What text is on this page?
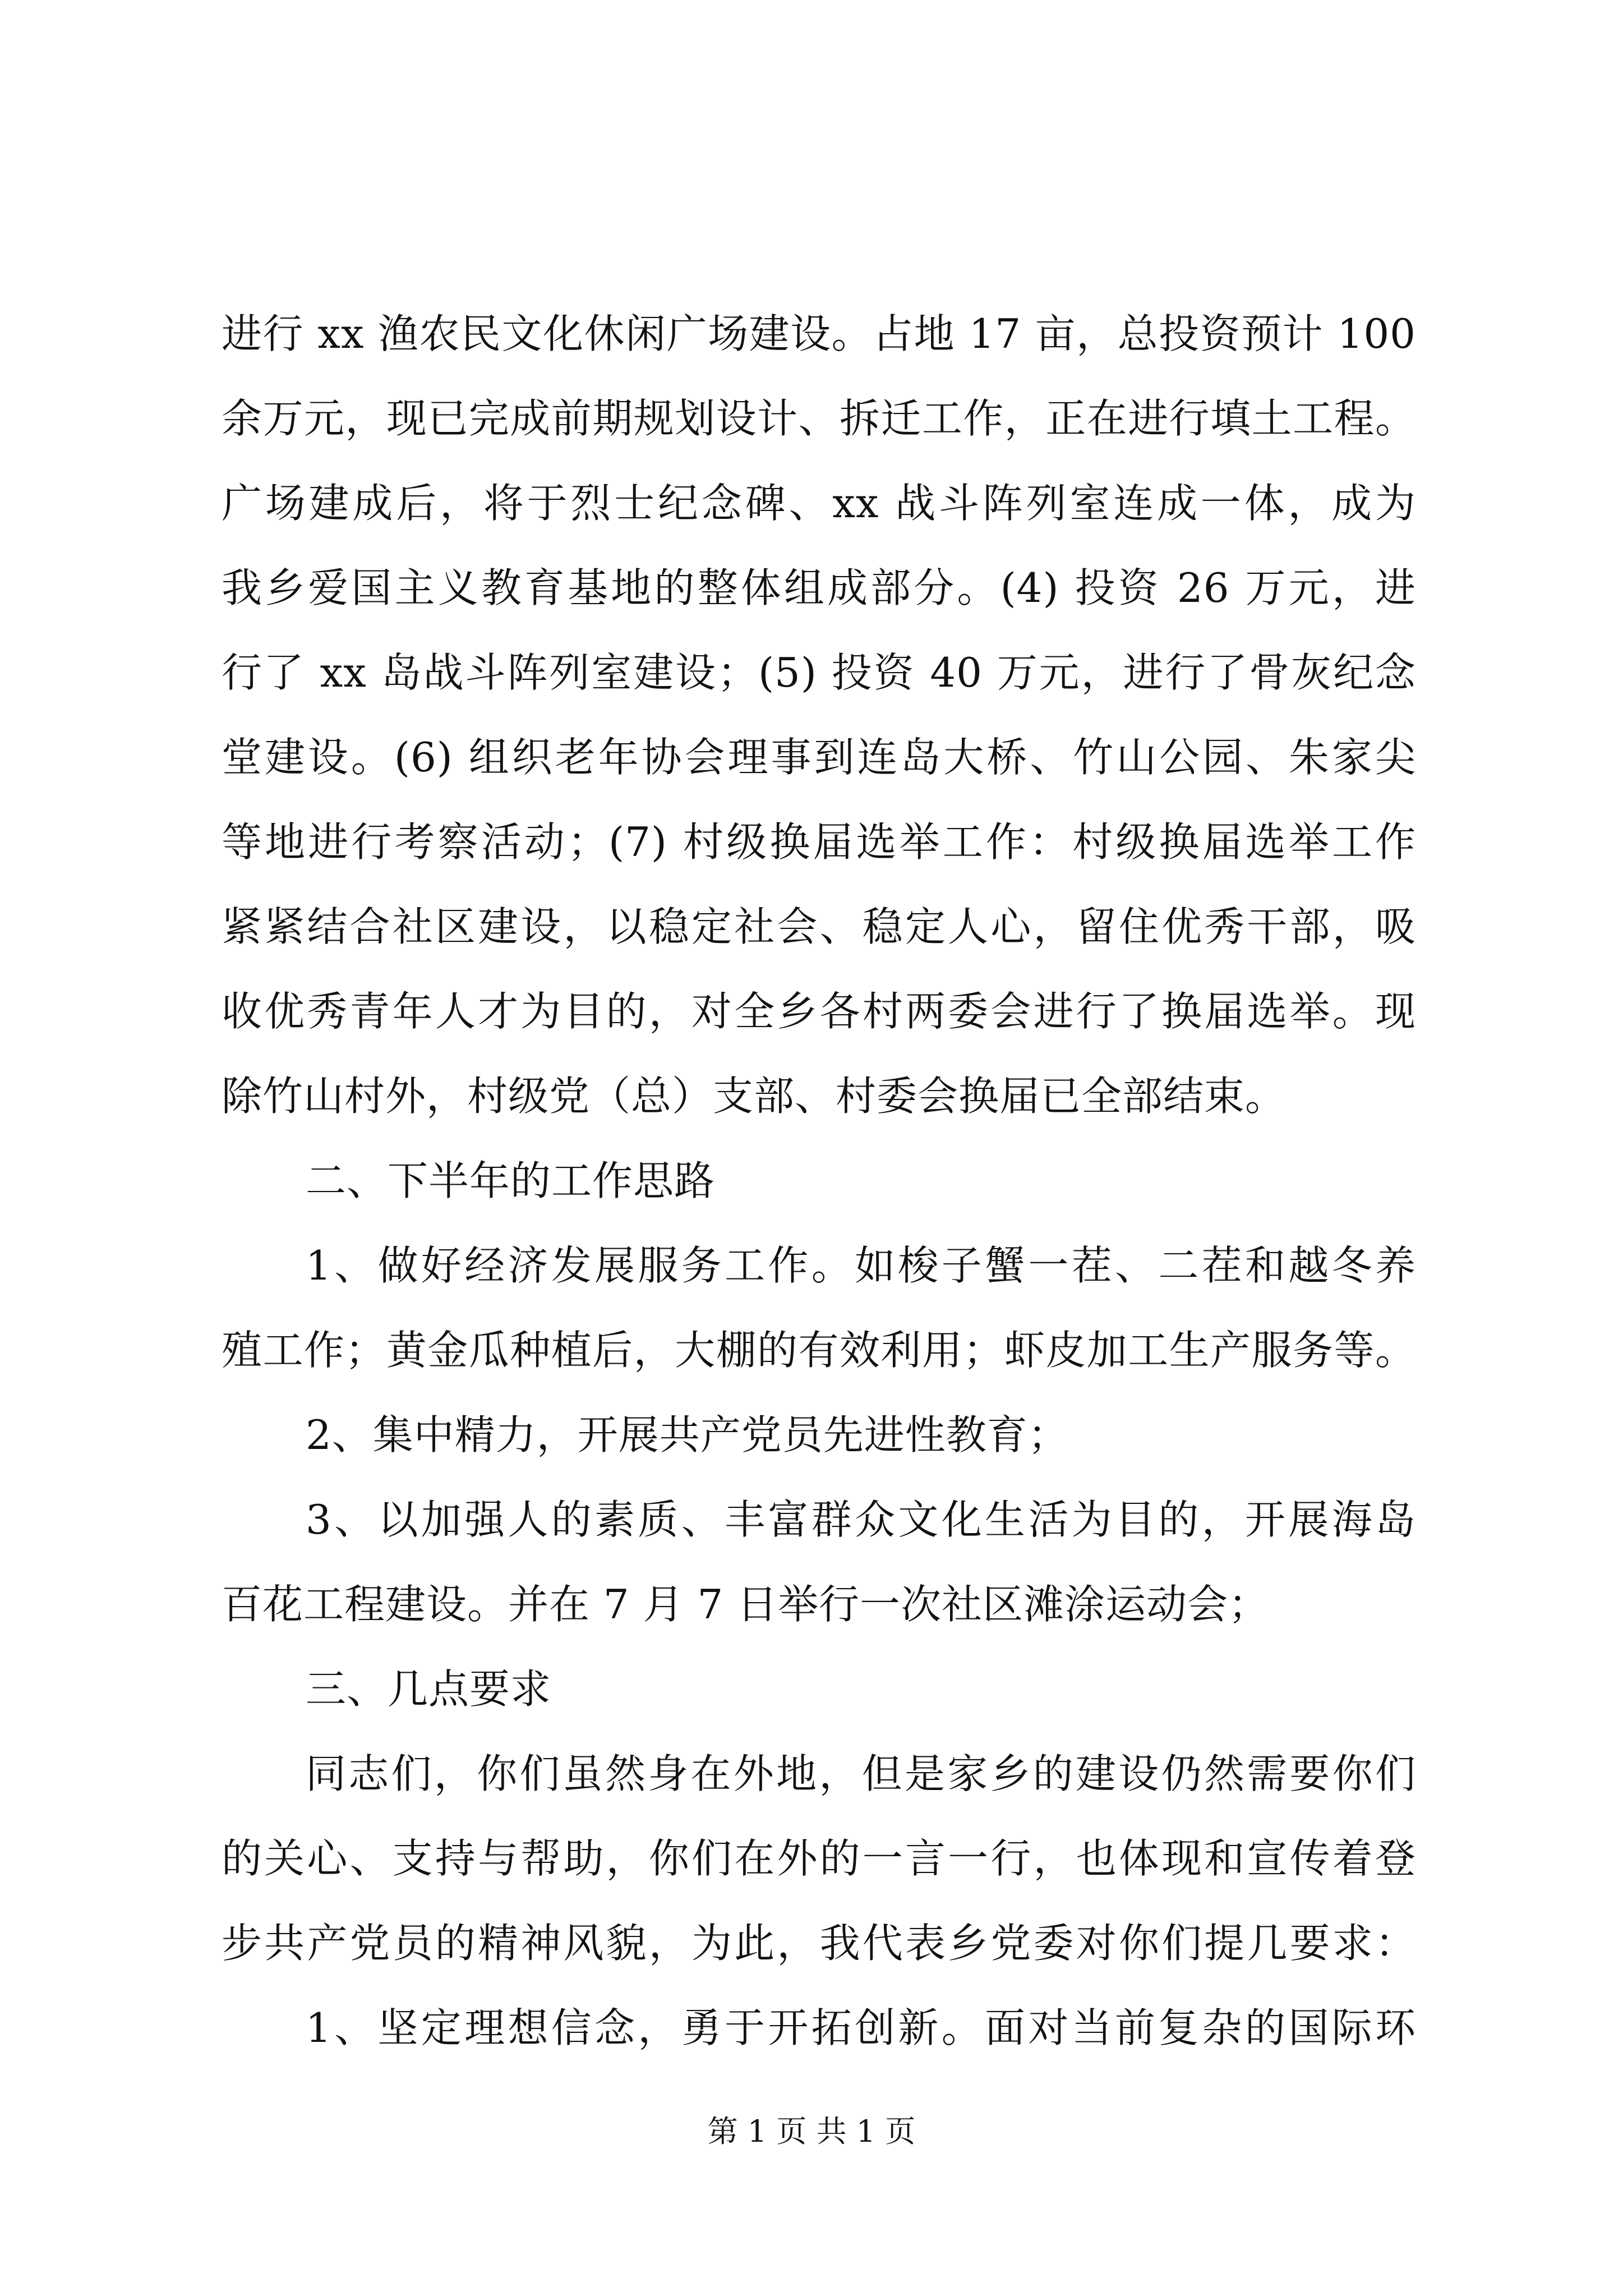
进行 xx 渔农民文化休闲广场建设。占地 17 亩，总投资预计 100
余万元，现已完成前期规划设计、拆迁工作，正在进行填土工程。
广场建成后，将于烈士纪念碑、xx 战斗阵列室连成一体，成为
我乡爱国主义教育基地的整体组成部分。(4) 投资 26 万元，进
行了 xx 岛战斗阵列室建设；(5) 投资 40 万元，进行了骨灰纪念
堂建设。(6) 组织老年协会理事到连岛大桥、竹山公园、朱家尖
等地进行考察活动；(7) 村级换届选举工作：村级换届选举工作
紧紧结合社区建设，以稳定社会、稳定人心，留住优秀干部，吸
收优秀青年人才为目的，对全乡各村两委会进行了换届选举。现
除竹山村外，村级党（总）支部、村委会换届已全部结束。
二、下半年的工作思路
1、做好经济发展服务工作。如梭子蟹一茬、二茬和越冬养
殖工作；黄金瓜种植后，大棚的有效利用；虾皮加工生产服务等。
2、集中精力，开展共产党员先进性教育；
3、以加强人的素质、丰富群众文化生活为目的，开展海岛
百花工程建设。并在 7 月 7 日举行一次社区滩涂运动会；
三、几点要求
同志们，你们虽然身在外地，但是家乡的建设仍然需要你们
的关心、支持与帮助，你们在外的一言一行，也体现和宣传着登
步共产党员的精神风貌，为此，我代表乡党委对你们提几要求：
1、坚定理想信念，勇于开拓创新。面对当前复杂的国际环
第 1 页 共 1 页
